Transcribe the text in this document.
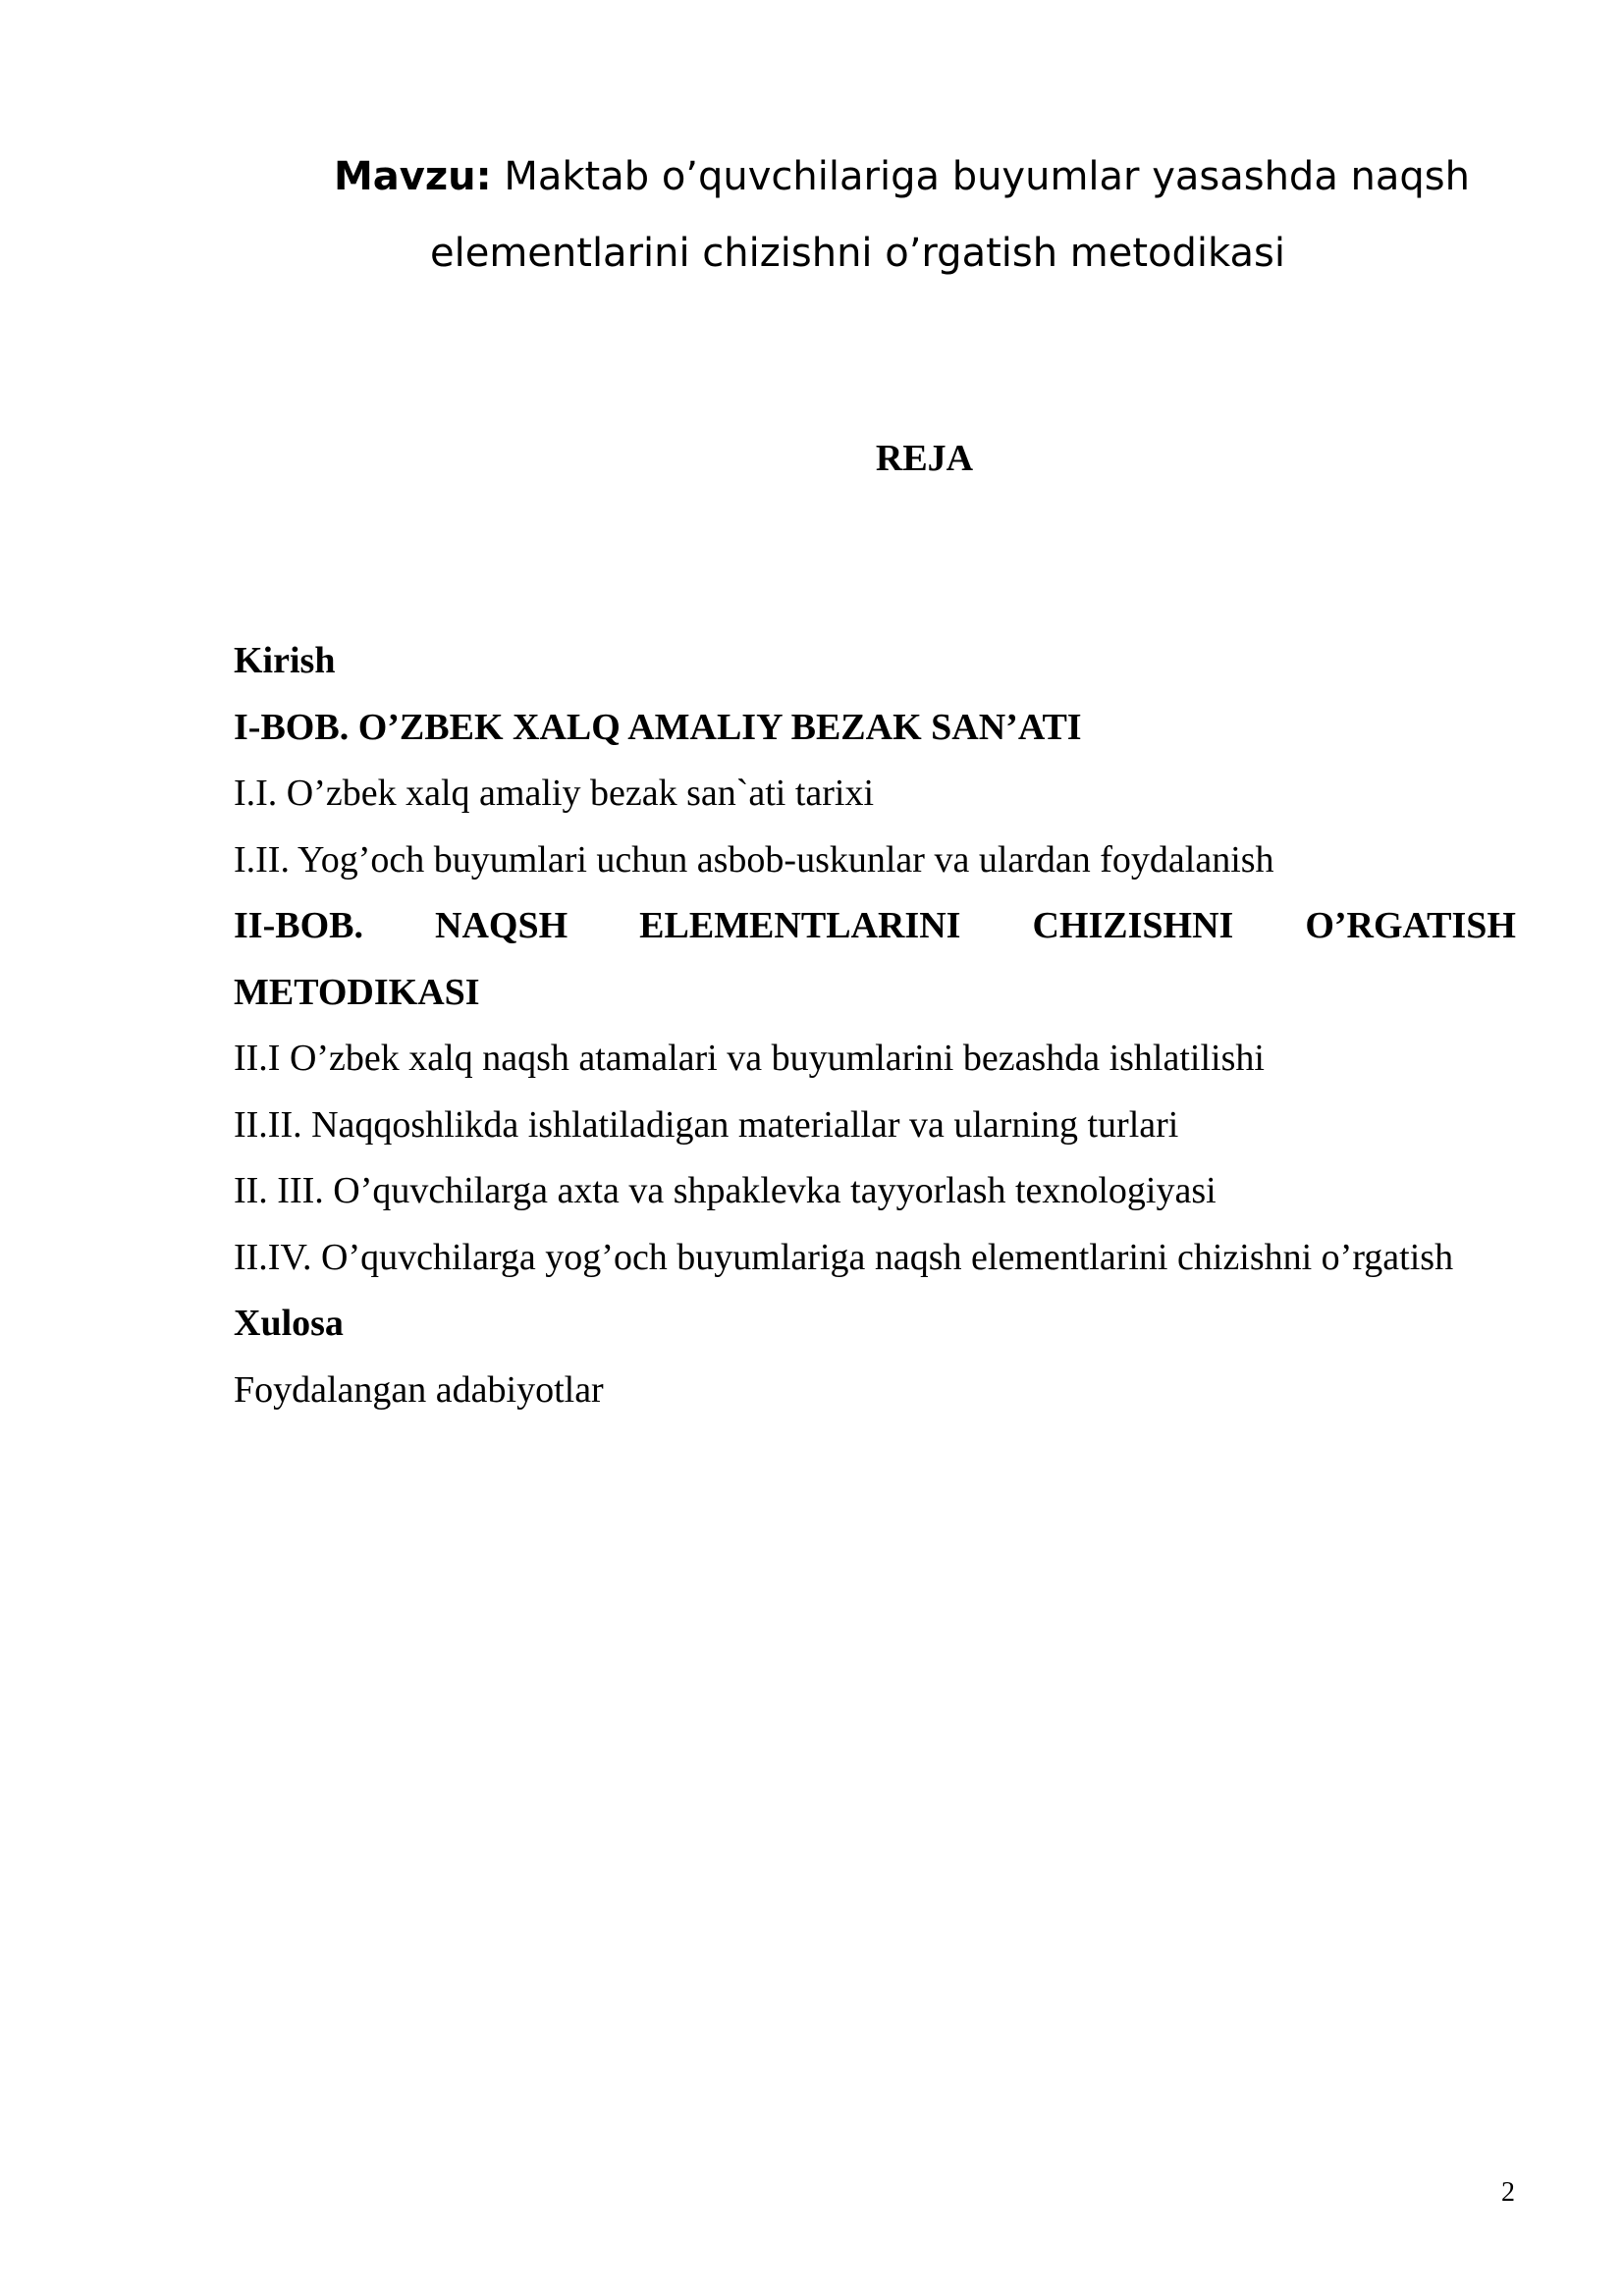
Mavzu: Maktab o’quvchilariga buyumlar yasashda naqsh
elementlarini chizishni o’rgatish metodikasi
REJA
Kirish
I-BOB. O’ZBEK XALQ AMALIY BEZAK SAN’ATI
I.I. O’zbek xalq amaliy bezak san`ati tarixi
I.II. Yog’och buyumlari uchun asbob-uskunlar va ulardan foydalanish
II-BOB. NAQSH ELEMENTLARINI CHIZISHNI O’RGATISH
METODIKASI
II.I O’zbek xalq naqsh atamalari va buyumlarini bezashda ishlatilishi
II.II. Naqqoshlikda ishlatiladigan materiallar va ularning turlari
II. III. O’quvchilarga axta va shpaklevka tayyorlash texnologiyasi
II.IV. O’quvchilarga yog’och buyumlariga naqsh elementlarini chizishni o’rgatish
Xulosa
Foydalangan adabiyotlar
2
